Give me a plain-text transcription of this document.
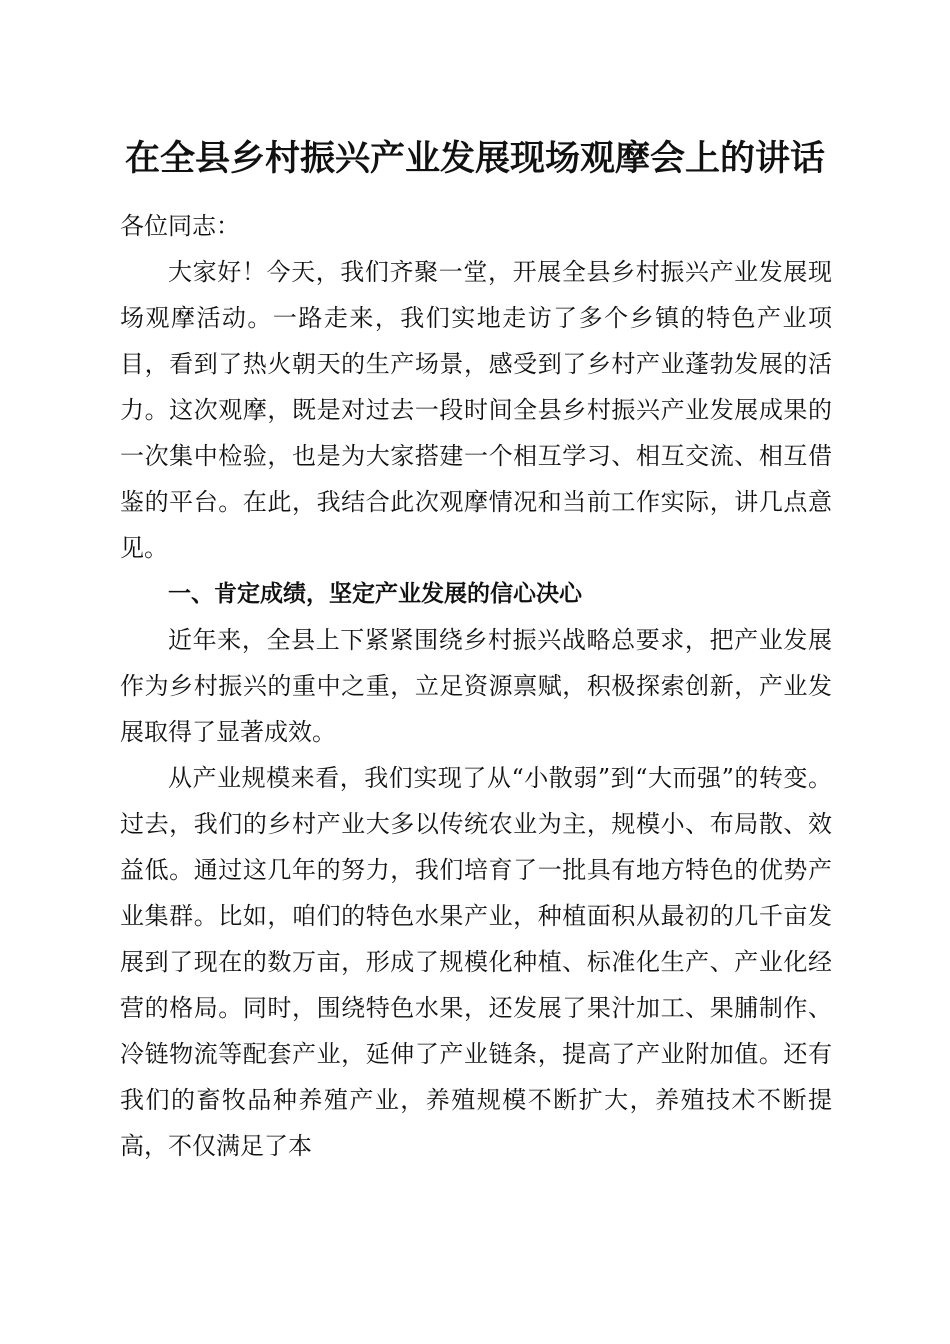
在全县乡村振兴产业发展现场观摩会上的讲话

各位同志：

大家好！今天，我们齐聚一堂，开展全县乡村振兴产业发展现场观摩活动。一路走来，我们实地走访了多个乡镇的特色产业项目，看到了热火朝天的生产场景，感受到了乡村产业蓬勃发展的活力。这次观摩，既是对过去一段时间全县乡村振兴产业发展成果的一次集中检验，也是为大家搭建一个相互学习、相互交流、相互借鉴的平台。在此，我结合此次观摩情况和当前工作实际，讲几点意见。

一、肯定成绩，坚定产业发展的信心决心

近年来，全县上下紧紧围绕乡村振兴战略总要求，把产业发展作为乡村振兴的重中之重，立足资源禀赋，积极探索创新，产业发展取得了显著成效。

从产业规模来看，我们实现了从“小散弱”到“大而强”的转变。过去，我们的乡村产业大多以传统农业为主，规模小、布局散、效益低。通过这几年的努力，我们培育了一批具有地方特色的优势产业集群。比如，咱们的特色水果产业，种植面积从最初的几千亩发展到了现在的数万亩，形成了规模化种植、标准化生产、产业化经营的格局。同时，围绕特色水果，还发展了果汁加工、果脯制作、冷链物流等配套产业，延伸了产业链条，提高了产业附加值。还有我们的畜牧品种养殖产业，养殖规模不断扩大，养殖技术不断提高，不仅满足了本
